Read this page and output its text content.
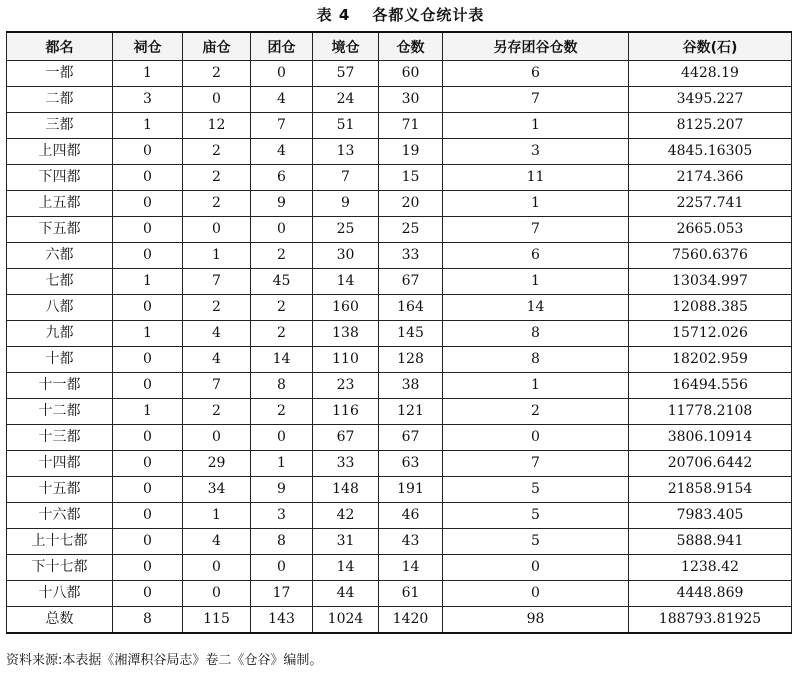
表 4 各都义仓统计表
都名	祠仓	庙仓	团仓	境仓	仓数	另存团谷仓数	谷数(石)
一都	1	2	0	57	60	6	4428.19
二都	3	0	4	24	30	7	3495.227
三都	1	12	7	51	71	1	8125.207
上四都	0	2	4	13	19	3	4845.16305
下四都	0	2	6	7	15	11	2174.366
上五都	0	2	9	9	20	1	2257.741
下五都	0	0	0	25	25	7	2665.053
六都	0	1	2	30	33	6	7560.6376
七都	1	7	45	14	67	1	13034.997
八都	0	2	2	160	164	14	12088.385
九都	1	4	2	138	145	8	15712.026
十都	0	4	14	110	128	8	18202.959
十一都	0	7	8	23	38	1	16494.556
十二都	1	2	2	116	121	2	11778.2108
十三都	0	0	0	67	67	0	3806.10914
十四都	0	29	1	33	63	7	20706.6442
十五都	0	34	9	148	191	5	21858.9154
十六都	0	1	3	42	46	5	7983.405
上十七都	0	4	8	31	43	5	5888.941
下十七都	0	0	0	14	14	0	1238.42
十八都	0	0	17	44	61	0	4448.869
总数	8	115	143	1024	1420	98	188793.81925
资料来源:本表据《湘潭积谷局志》卷二《仓谷》编制。
